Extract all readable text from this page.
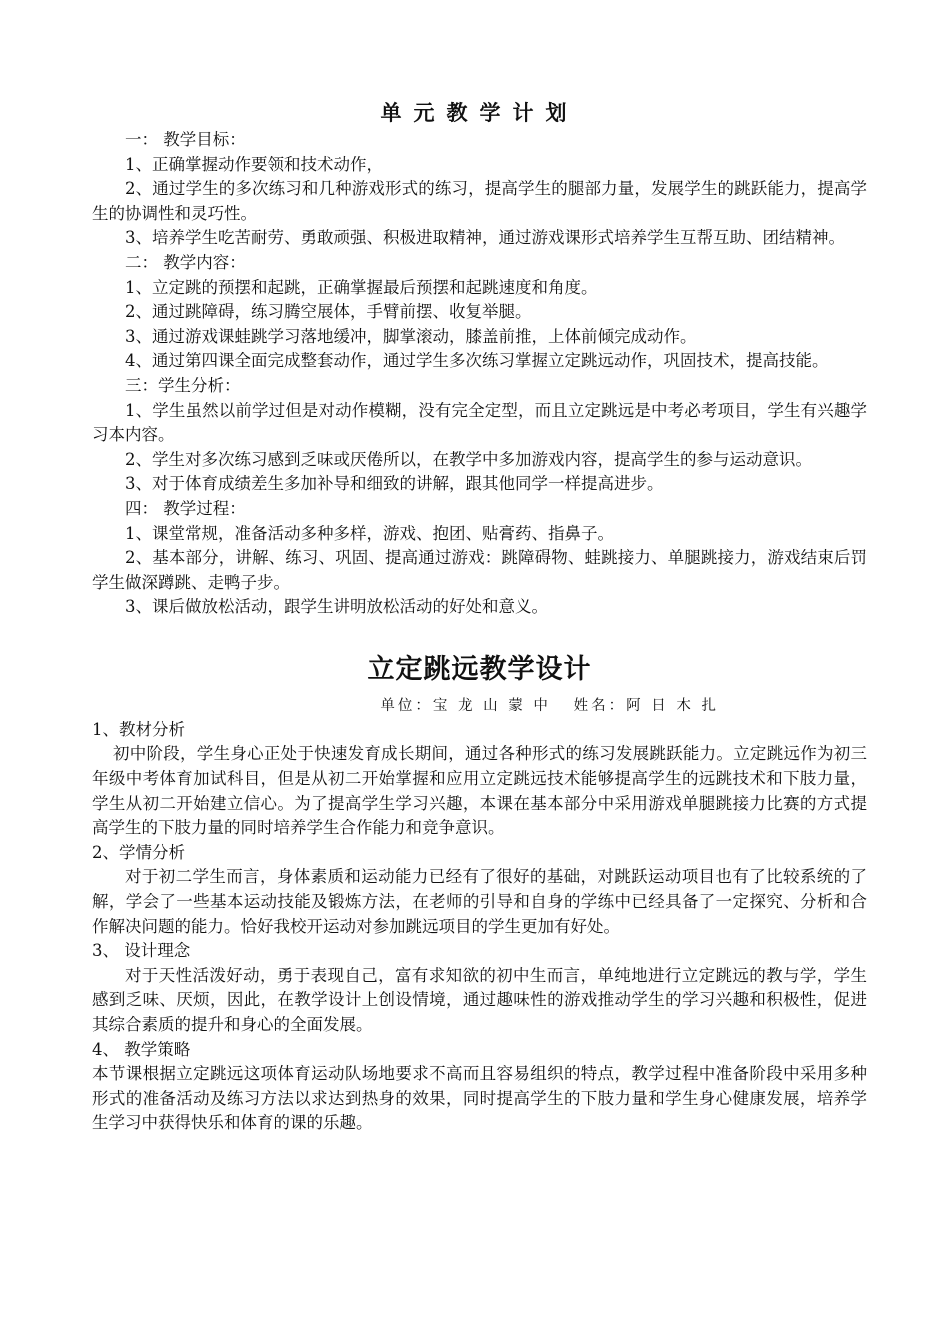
单元教学计划

一： 教学目标：

1、正确掌握动作要领和技术动作，

2、通过学生的多次练习和几种游戏形式的练习，提高学生的腿部力量，发展学生的跳跃能力，提高学生的协调性和灵巧性。

3、培养学生吃苦耐劳、勇敢顽强、积极进取精神，通过游戏课形式培养学生互帮互助、团结精神。

二： 教学内容：

1、立定跳的预摆和起跳，正确掌握最后预摆和起跳速度和角度。

2、通过跳障碍，练习腾空展体，手臂前摆、收复举腿。

3、通过游戏课蛙跳学习落地缓冲，脚掌滚动，膝盖前推，上体前倾完成动作。

4、通过第四课全面完成整套动作，通过学生多次练习掌握立定跳远动作，巩固技术，提高技能。

三：学生分析：

1、学生虽然以前学过但是对动作模糊，没有完全定型，而且立定跳远是中考必考项目，学生有兴趣学习本内容。

2、学生对多次练习感到乏味或厌倦所以，在教学中多加游戏内容，提高学生的参与运动意识。

3、对于体育成绩差生多加补导和细致的讲解，跟其他同学一样提高进步。

四： 教学过程：

1、课堂常规，准备活动多种多样，游戏、抱团、贴膏药、指鼻子。

2、基本部分，讲解、练习、巩固、提高通过游戏：跳障碍物、蛙跳接力、单腿跳接力，游戏结束后罚学生做深蹲跳、走鸭子步。

3、课后做放松活动，跟学生讲明放松活动的好处和意义。

立定跳远教学设计
单位：宝 龙 山 蒙 中 姓名：阿 日 木 扎

1、教材分析

初中阶段，学生身心正处于快速发育成长期间，通过各种形式的练习发展跳跃能力。立定跳远作为初三年级中考体育加试科目，但是从初二开始掌握和应用立定跳远技术能够提高学生的远跳技术和下肢力量，学生从初二开始建立信心。为了提高学生学习兴趣，本课在基本部分中采用游戏单腿跳接力比赛的方式提高学生的下肢力量的同时培养学生合作能力和竞争意识。

2、学情分析

对于初二学生而言，身体素质和运动能力已经有了很好的基础，对跳跃运动项目也有了比较系统的了解，学会了一些基本运动技能及锻炼方法，在老师的引导和自身的学练中已经具备了一定探究、分析和合作解决问题的能力。恰好我校开运动对参加跳远项目的学生更加有好处。

3、 设计理念

对于天性活泼好动，勇于表现自己，富有求知欲的初中生而言，单纯地进行立定跳远的教与学，学生感到乏味、厌烦，因此，在教学设计上创设情境，通过趣味性的游戏推动学生的学习兴趣和积极性，促进其综合素质的提升和身心的全面发展。

4、 教学策略

本节课根据立定跳远这项体育运动队场地要求不高而且容易组织的特点，教学过程中准备阶段中采用多种形式的准备活动及练习方法以求达到热身的效果，同时提高学生的下肢力量和学生身心健康发展，培养学生学习中获得快乐和体育的课的乐趣。
